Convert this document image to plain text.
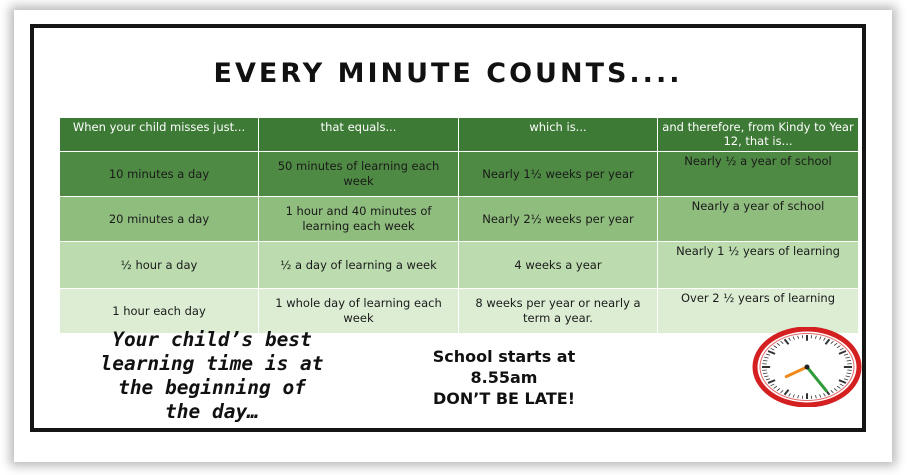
EVERY MINUTE COUNTS....
When your child misses just...	that equals...	which is...	and therefore, from Kindy to Year 12, that is...
10 minutes a day	50 minutes of learning each week	Nearly 1½ weeks per year	Nearly ½ a year of school
20 minutes a day	1 hour and 40 minutes of learning each week	Nearly 2½ weeks per year	Nearly a year of school
½ hour a day	½ a day of learning a week	4 weeks a year	Nearly 1 ½ years of learning
1 hour each day	1 whole day of learning each week	8 weeks per year or nearly a term a year.	Over 2 ½ years of learning
Your child’s best
learning time is at
the beginning of
the day…
School starts at
8.55am
DON’T BE LATE!
